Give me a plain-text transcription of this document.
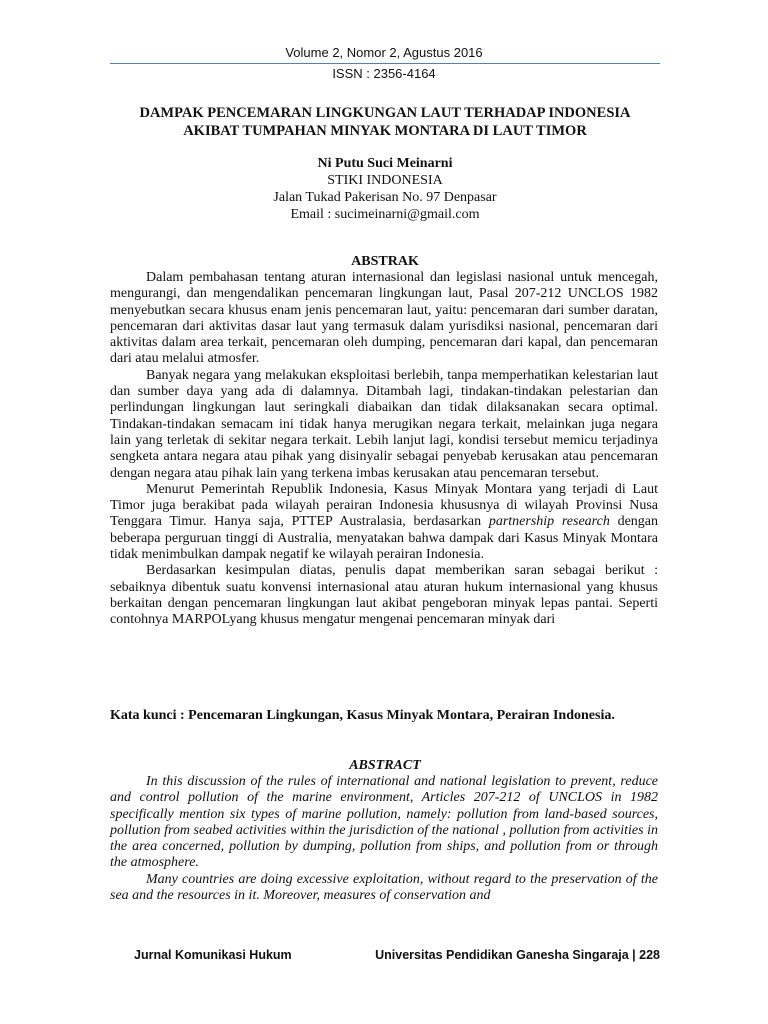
Volume 2, Nomor 2, Agustus 2016
ISSN : 2356-4164
DAMPAK PENCEMARAN LINGKUNGAN LAUT TERHADAP INDONESIA
AKIBAT TUMPAHAN MINYAK MONTARA DI LAUT TIMOR
Ni Putu Suci Meinarni
STIKI INDONESIA
Jalan Tukad Pakerisan No. 97 Denpasar
Email : sucimeinarni@gmail.com
ABSTRAK

Dalam pembahasan tentang aturan internasional dan legislasi nasional untuk mencegah, mengurangi, dan mengendalikan pencemaran lingkungan laut, Pasal 207-212 UNCLOS 1982 menyebutkan secara khusus enam jenis pencemaran laut, yaitu: pencemaran dari sumber daratan, pencemaran dari aktivitas dasar laut yang termasuk dalam yurisdiksi nasional, pencemaran dari aktivitas dalam area terkait, pencemaran oleh dumping, pencemaran dari kapal, dan pencemaran dari atau melalui atmosfer.

Banyak negara yang melakukan eksploitasi berlebih, tanpa memperhatikan kelestarian laut dan sumber daya yang ada di dalamnya. Ditambah lagi, tindakan-tindakan pelestarian dan perlindungan lingkungan laut seringkali diabaikan dan tidak dilaksanakan secara optimal. Tindakan-tindakan semacam ini tidak hanya merugikan negara terkait, melainkan juga negara lain yang terletak di sekitar negara terkait. Lebih lanjut lagi, kondisi tersebut memicu terjadinya sengketa antara negara atau pihak yang disinyalir sebagai penyebab kerusakan atau pencemaran dengan negara atau pihak lain yang terkena imbas kerusakan atau pencemaran tersebut.

Menurut Pemerintah Republik Indonesia, Kasus Minyak Montara yang terjadi di Laut Timor juga berakibat pada wilayah perairan Indonesia khususnya di wilayah Provinsi Nusa Tenggara Timur. Hanya saja, PTTEP Australasia, berdasarkan partnership research dengan beberapa perguruan tinggi di Australia, menyatakan bahwa dampak dari Kasus Minyak Montara tidak menimbulkan dampak negatif ke wilayah perairan Indonesia.

Berdasarkan kesimpulan diatas, penulis dapat memberikan saran sebagai berikut : sebaiknya dibentuk suatu konvensi internasional atau aturan hukum internasional yang khusus berkaitan dengan pencemaran lingkungan laut akibat pengeboran minyak lepas pantai. Seperti contohnya MARPOLyang khusus mengatur mengenai pencemaran minyak dari

Kata kunci : Pencemaran Lingkungan, Kasus Minyak Montara, Perairan Indonesia.
ABSTRACT

In this discussion of the rules of international and national legislation to prevent, reduce and control pollution of the marine environment, Articles 207-212 of UNCLOS in 1982 specifically mention six types of marine pollution, namely: pollution from land-based sources, pollution from seabed activities within the jurisdiction of the national , pollution from activities in the area concerned, pollution by dumping, pollution from ships, and pollution from or through the atmosphere.

Many countries are doing excessive exploitation, without regard to the preservation of the sea and the resources in it. Moreover, measures of conservation and

Jurnal Komunikasi Hukum	Universitas Pendidikan Ganesha Singaraja | 228
